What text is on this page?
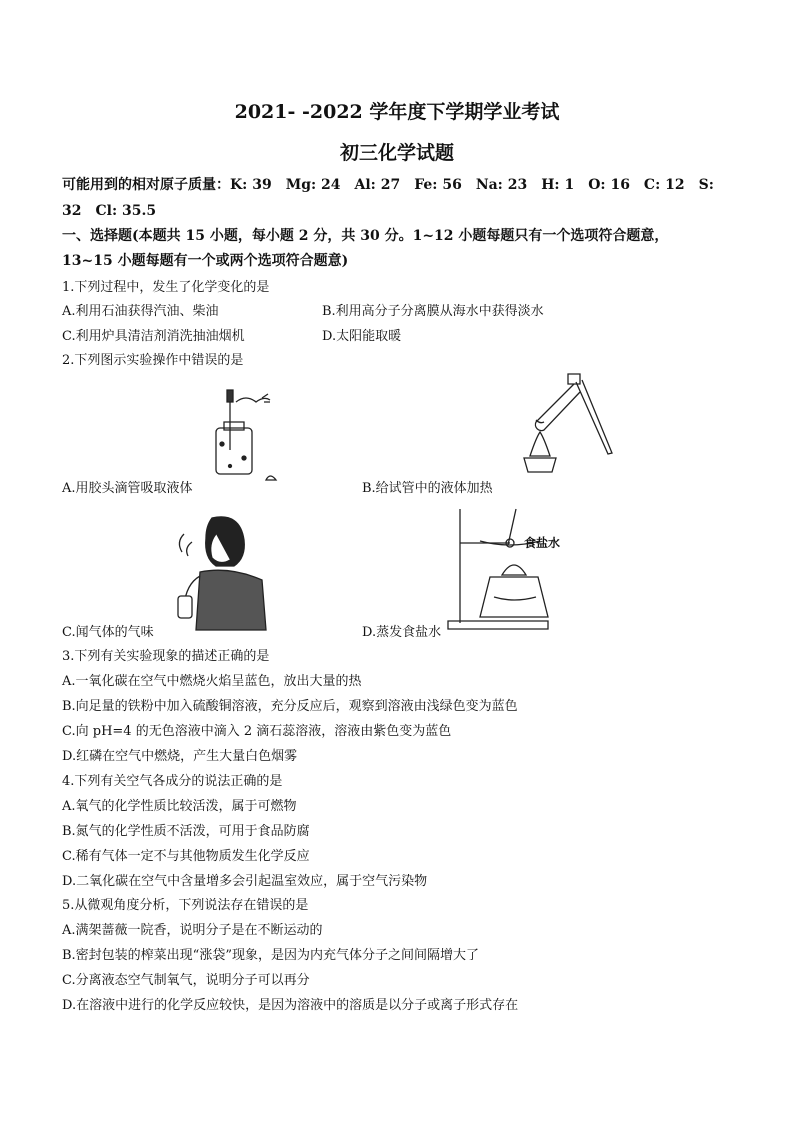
2021- -2022 学年度下学期学业考试
初三化学试题
可能用到的相对原子质量：K: 39　Mg: 24　Al: 27　Fe: 56　Na: 23　H: 1　O: 16　C: 12　S:
32　Cl: 35.5
一、选择题(本题共 15 小题，每小题 2 分，共 30 分。1~12 小题每题只有一个选项符合题意，
13~15 小题每题有一个或两个选项符合题意)
1.下列过程中，发生了化学变化的是
A.利用石油获得汽油、柴油	B.利用高分子分离膜从海水中获得淡水
C.利用炉具清洁剂消洗抽油烟机	D.太阳能取暖
2.下列图示实验操作中错误的是
A.用胶头滴管吸取液体	B.给试管中的液体加热
食盐水
C.闻气体的气味	D.蒸发食盐水
3.下列有关实验现象的描述正确的是
A.一氧化碳在空气中燃烧火焰呈蓝色，放出大量的热
B.向足量的铁粉中加入硫酸铜溶液，充分反应后，观察到溶液由浅绿色变为蓝色
C.向 pH=4 的无色溶液中滴入 2 滴石蕊溶液，溶液由紫色变为蓝色
D.红磷在空气中燃烧，产生大量白色烟雾
4.下列有关空气各成分的说法正确的是
A.氧气的化学性质比较活泼，属于可燃物
B.氮气的化学性质不活泼，可用于食品防腐
C.稀有气体一定不与其他物质发生化学反应
D.二氧化碳在空气中含量增多会引起温室效应，属于空气污染物
5.从微观角度分析，下列说法存在错误的是
A.满架蔷薇一院香，说明分子是在不断运动的
B.密封包装的榨菜出现“涨袋”现象，是因为内充气体分子之间间隔增大了
C.分离液态空气制氧气，说明分子可以再分
D.在溶液中进行的化学反应较快，是因为溶液中的溶质是以分子或离子形式存在
